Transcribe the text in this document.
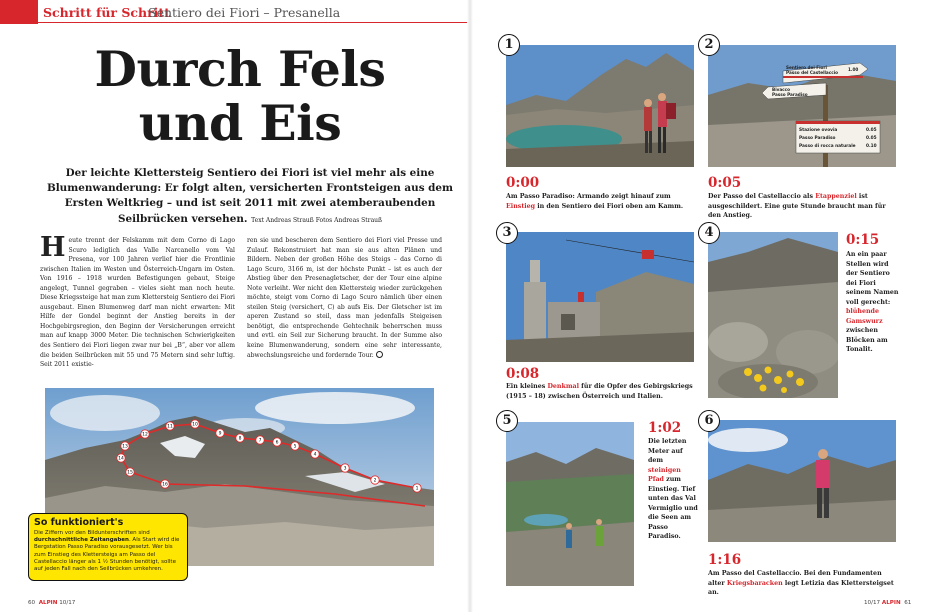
Schritt für Schritt
Sentiero dei Fiori – Presanella
Durch Fels
und Eis
Der leichte Klettersteig Sentiero dei Fiori ist viel mehr als eine Blumenwanderung: Er folgt alten, versicherten Frontsteigen aus dem Ersten Weltkrieg – und ist seit 2011 mit zwei atemberaubenden Seilbrücken versehen. Text Andreas Strauß Fotos Andreas Strauß
Heute trennt der Felskamm mit dem Corno di Lago Scuro lediglich das Valle Narcanello vom Val Presena, vor 100 Jahren verlief hier die Frontlinie zwischen Italien im Westen und Österreich-Ungarn im Osten. Von 1916 – 1918 wurden Befestigungen gebaut, Steige angelegt, Tunnel gegraben – vieles sieht man noch heute. Diese Kriegssteige hat man zum Klettersteig Sentiero dei Fiori ausgebaut. Einen Blumenweg darf man nicht erwarten: Mit Hilfe der Gondel beginnt der Anstieg bereits in der Hochgebirgsregion, den Beginn der Versicherungen erreicht man auf knapp 3000 Meter. Die technischen Schwierigkeiten des Sentiero dei Fiori liegen zwar nur bei „B“, aber vor allem die beiden Seilbrücken mit 55 und 75 Metern sind sehr luftig. Seit 2011 existie-
ren sie und bescheren dem Sentiero dei Fiori viel Presse und Zulauf. Rekonstruiert hat man sie aus alten Plänen und Bildern. Neben der großen Höhe des Steigs – das Corno di Lago Scuro, 3166 m, ist der höchste Punkt – ist es auch der Abstieg über den Presenagletscher, der der Tour eine alpine Note verleiht. Wer nicht den Klettersteig wieder zurückgehen möchte, steigt vom Corno di Lago Scuro nämlich über einen steilen Steig (versichert, C) ab aufs Eis. Der Gletscher ist im aperen Zustand so steil, dass man jedenfalls Steigeisen benötigt, die entsprechende Gehtechnik beherrschen muss und evtl. ein Seil zur Sicherung braucht. In der Summe also keine Blumenwanderung, sondern eine sehr interessante, abwechslungsreiche und fordernde Tour.
16
15
14
13
12
11	10
9
8	7	6
5
4
3
2
1
So funktioniert's
Die Ziffern vor den Bildunterschriften sind durchschnittliche Zeitangaben. Als Start wird die Bergstation Passo Paradiso vorausgesetzt. Wer bis zum Einstieg des Klettersteigs am Passo del Castellaccio länger als 1 ½ Stunden benötigt, sollte auf jeden Fall nach den Seilbrücken umkehren.
60 ALPIN 10/17
1
0:00
Am Passo Paradiso: Armando zeigt hinauf zum Einstieg in den Sentiero dei Fiori oben am Kamm.
Sentiero dei Fiori
Passo del Castellaccio
1.00
Bivacco
Passo Paradiso
Stazione ovovia
Passo Paradiso
Passo di rocca naturale
0.05
0.05
0.10
2
0:05
Der Passo del Castellaccio als Etappenziel ist ausgeschildert. Eine gute Stunde braucht man für den Anstieg.
3
0:08
Ein kleines Denkmal für die Opfer des Gebirgskriegs (1915 – 18) zwischen Österreich und Italien.
4	0:15
An ein paar Stellen wird der Sentiero dei Fiori seinem Namen voll gerecht: blühende Gamswurz zwischen Blöcken am Tonalit.
5	1:02
Die letzten Meter auf dem steinigen Pfad zum Einstieg. Tief unten das Val Vermiglio und die Seen am Passo Paradiso.
6
1:16
Am Passo del Castellaccio. Bei den Fundamenten alter Kriegsbaracken legt Letizia das Klettersteigset an.
10/17 ALPIN 61
